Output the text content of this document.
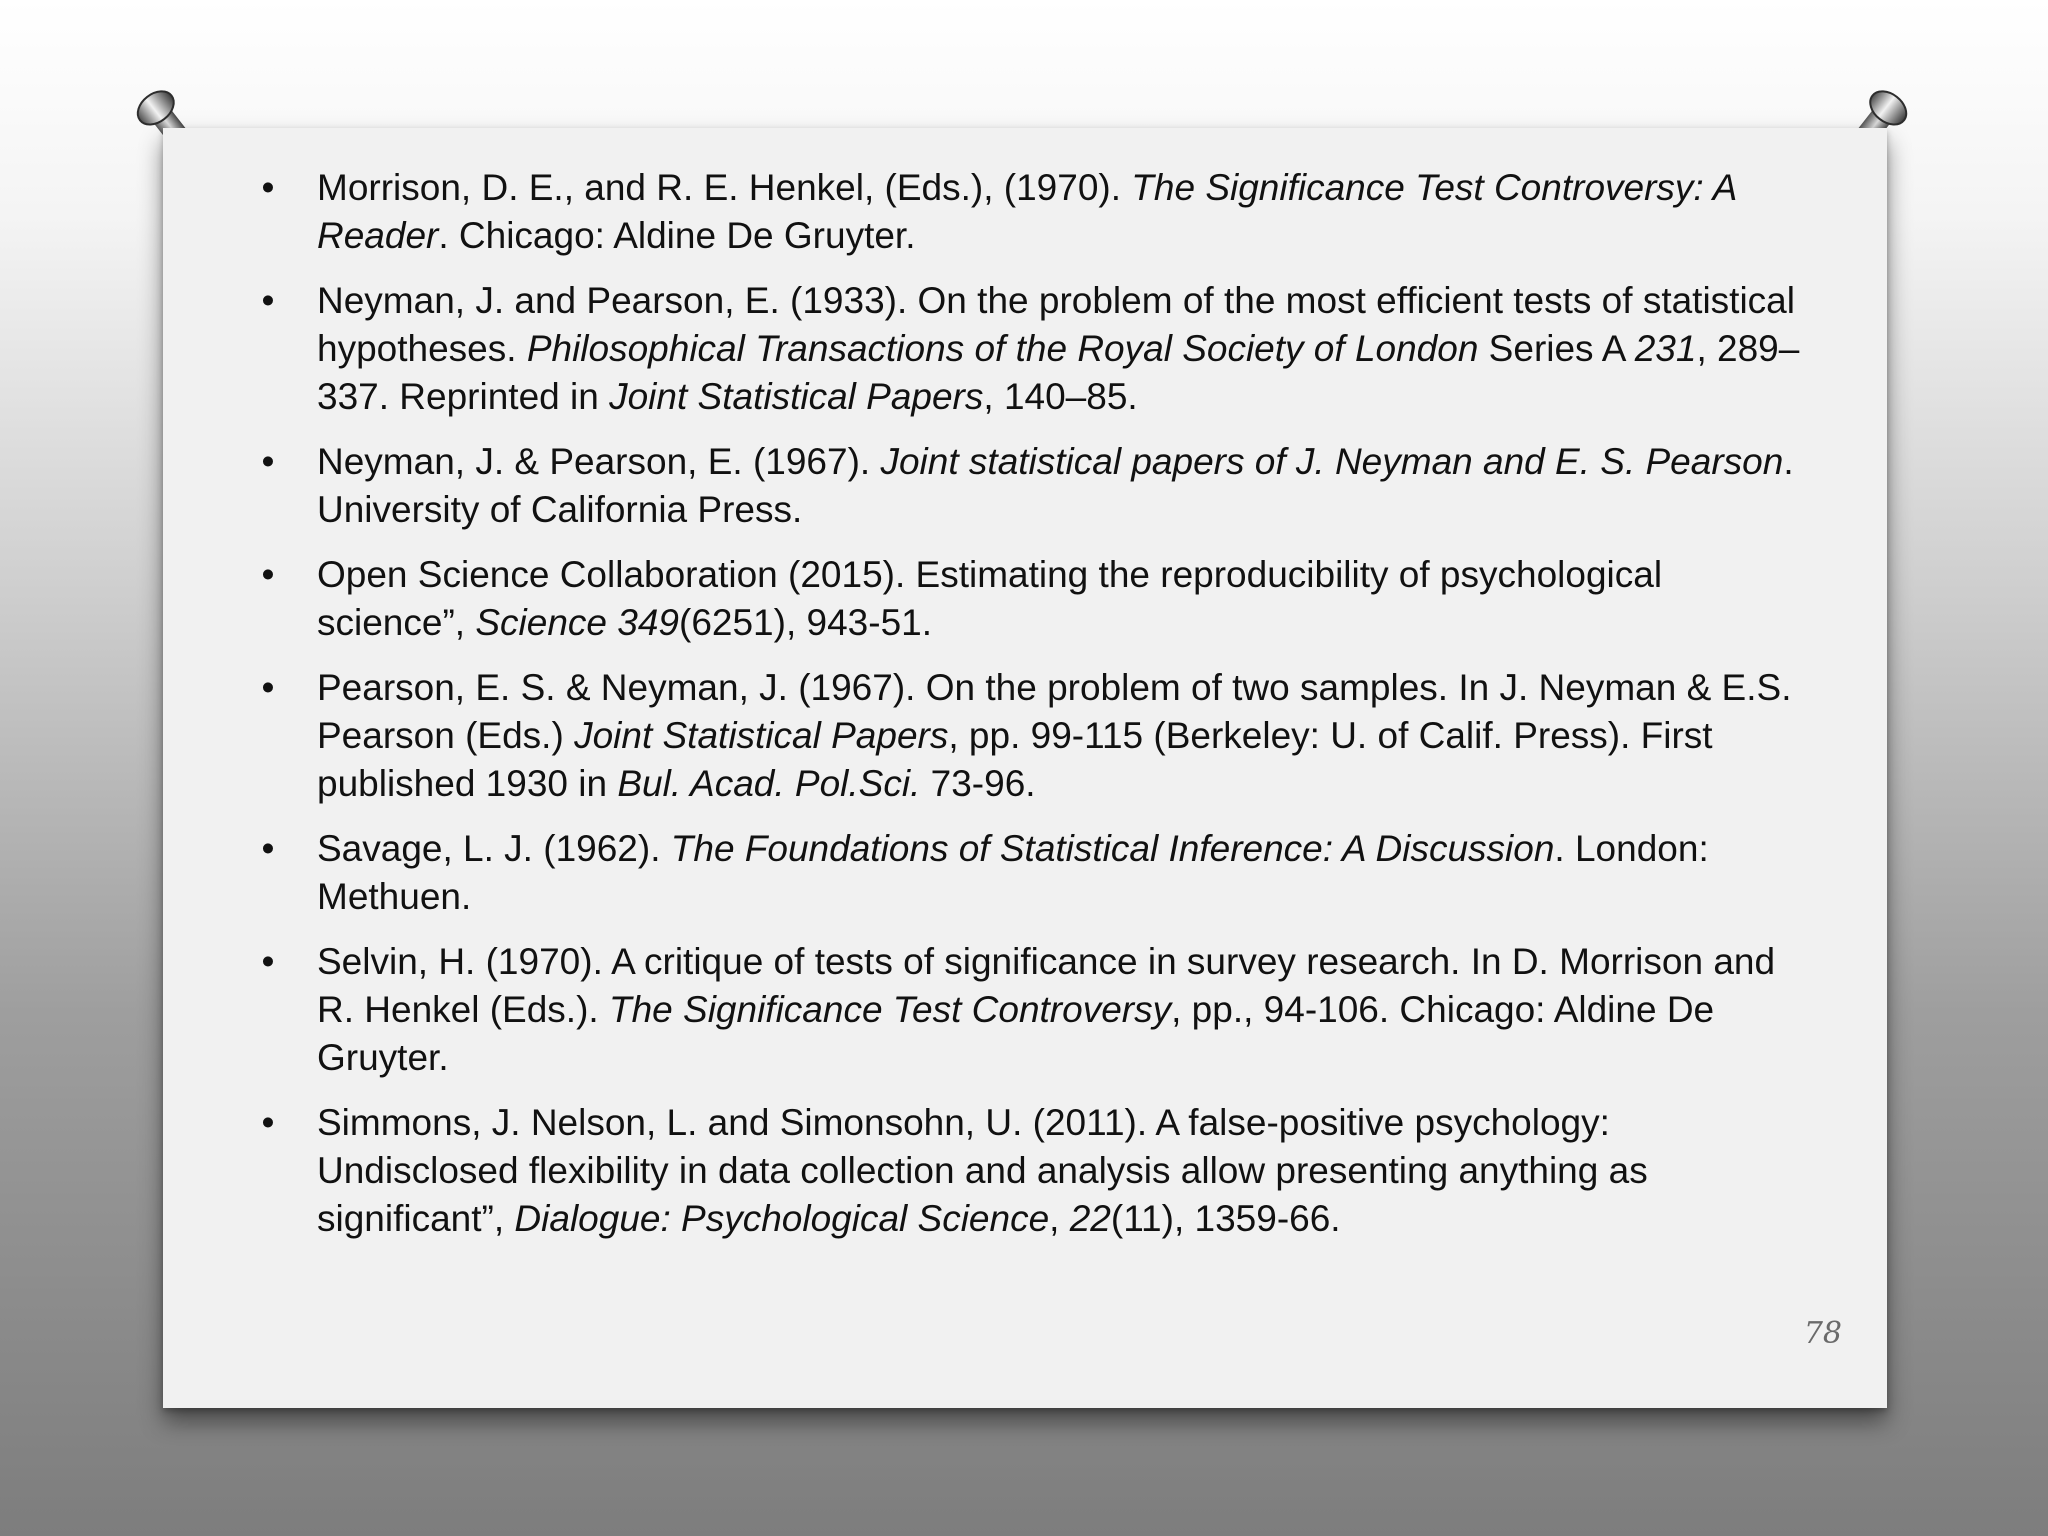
• Morrison, D. E., and R. E. Henkel, (Eds.), (1970). The Significance Test Controversy: A Reader. Chicago: Aldine De Gruyter.
• Neyman, J. and Pearson, E. (1933). On the problem of the most efficient tests of statistical hypotheses. Philosophical Transactions of the Royal Society of London Series A 231, 289–337. Reprinted in Joint Statistical Papers, 140–85.
• Neyman, J. & Pearson, E. (1967). Joint statistical papers of J. Neyman and E. S. Pearson. University of California Press.
• Open Science Collaboration (2015). Estimating the reproducibility of psychological science”, Science 349(6251), 943-51.
• Pearson, E. S. & Neyman, J. (1967). On the problem of two samples. In J. Neyman & E.S. Pearson (Eds.) Joint Statistical Papers, pp. 99-115 (Berkeley: U. of Calif. Press). First published 1930 in Bul. Acad. Pol.Sci. 73-96.
• Savage, L. J. (1962). The Foundations of Statistical Inference: A Discussion. London: Methuen.
• Selvin, H. (1970). A critique of tests of significance in survey research. In D. Morrison and R. Henkel (Eds.). The Significance Test Controversy, pp., 94-106. Chicago: Aldine De Gruyter.
• Simmons, J. Nelson, L. and Simonsohn, U. (2011). A false-positive psychology: Undisclosed flexibility in data collection and analysis allow presenting anything as significant”, Dialogue: Psychological Science, 22(11), 1359-66.
78
